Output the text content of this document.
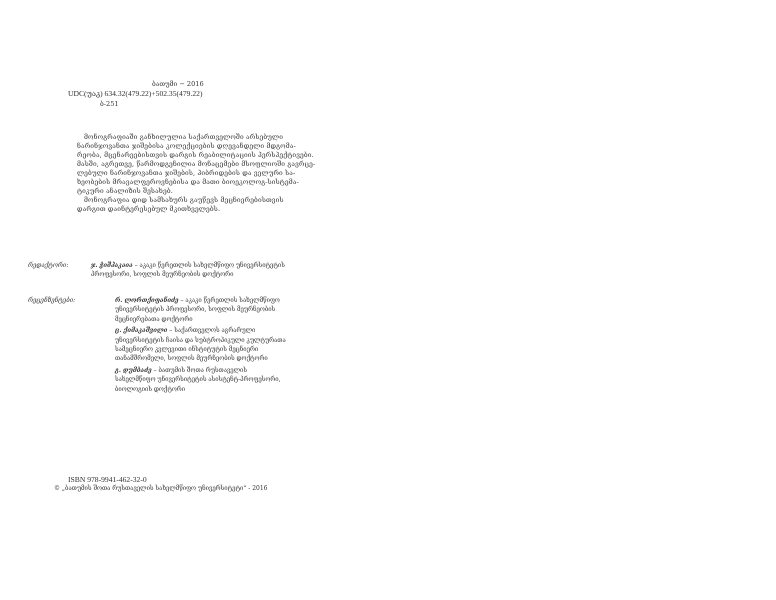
ბათუმი − 2016

UDC(უაკ) 634.32(479.22)+502.35(479.22)

ბ-251

მონოგრაფიაში განხილულია საქართველოში არსებული
ნარინჯოვანთა ჯიშებისა კოლექციების დღევანდელი მდგომა-
რეობა, მცენარეებისთვის დარგის რეაბილიტაციის პერსპექტივები.
მასში, აგრეთვე, წარმოდგენილია მონაცემები მსოფლიოში გავრცე-
ლებული ნარინჯოვანთა ჯიშების, პიბრიდების და ველური სა-
ხეობების მრავალფეროვნებისა და მათი ბიოეკოლოგ-სისტემა-
ტიკური ანალიზის შესახებ.
მონოგრაფია დიდ სამსახურს გაუწევს მეცნიერებისთვის
დარგით დაინტერესებულ მკითხველებს.
რედაქტორი:	ჯ. ჭიშპაკაია – აკაკი წერეთლის სახელმწიფო უნივერსიტეტის
პროფესორი, სოფლის მეურნეობის დოქტორი
რეცენზენტები:	რ. ლორთქიფანიძე – აკაკი წერეთლის სახელმწიფო
უნივერსიტეტის პროფესორი, სოფლის მეურნეობის
მეცნიერებათა დოქტორი
ც. ქიმაკაშვილი – საქართველოს აგრარული
უნივერსიტეტის ჩაისა და სუბტროპიკული კულტურათა
სამეცნიერო კვლევითი ინსტიტუტის მეცნიერი
თანამშრომელი, სოფლის მეურნეობის დოქტორი
გ. დუმბაძე – ბათუმის შოთა რუსთაველის
სახელმწიფო უნივერსიტეტის ასისტენტ-პროფესორი,
ბიოლოგიის დოქტორი

ISBN 978-9941-462-32-0

© „ბათუმის შოთა რუსთაველის სახელმწიფო უნივერსიტეტი“ - 2016
